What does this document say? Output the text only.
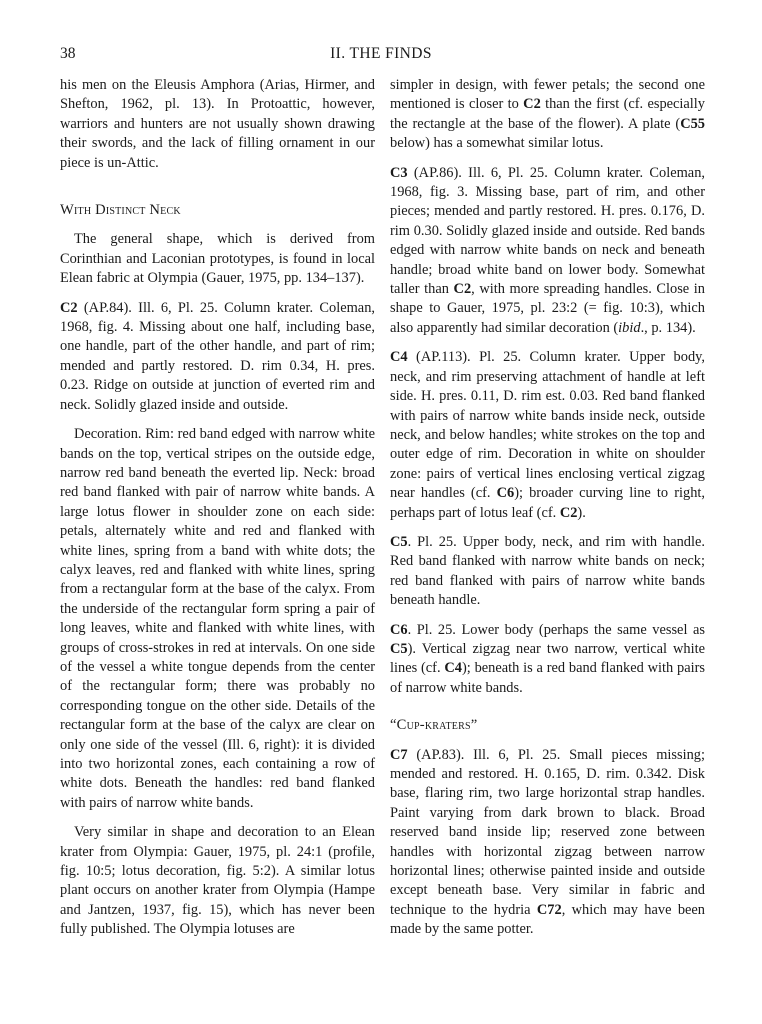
38	II. THE FINDS

his men on the Eleusis Amphora (Arias, Hirmer, and Shefton, 1962, pl. 13). In Protoattic, however, warriors and hunters are not usually shown drawing their swords, and the lack of filling ornament in our piece is un-Attic.

With Distinct Neck

The general shape, which is derived from Corinthian and Laconian prototypes, is found in local Elean fabric at Olympia (Gauer, 1975, pp. 134–137).

C2 (AP.84). Ill. 6, Pl. 25. Column krater. Coleman, 1968, fig. 4. Missing about one half, including base, one handle, part of the other handle, and part of rim; mended and partly restored. D. rim 0.34, H. pres. 0.23. Ridge on outside at junction of everted rim and neck. Solidly glazed inside and outside.

Decoration. Rim: red band edged with narrow white bands on the top, vertical stripes on the outside edge, narrow red band beneath the everted lip. Neck: broad red band flanked with pair of narrow white bands. A large lotus flower in shoulder zone on each side: petals, alternately white and red and flanked with white lines, spring from a band with white dots; the calyx leaves, red and flanked with white lines, spring from a rectangular form at the base of the calyx. From the underside of the rectangular form spring a pair of long leaves, white and flanked with white lines, with groups of cross-strokes in red at intervals. On one side of the vessel a white tongue depends from the center of the rectangular form; there was probably no corresponding tongue on the other side. Details of the rectangular form at the base of the calyx are clear on only one side of the vessel (Ill. 6, right): it is divided into two horizontal zones, each containing a row of white dots. Beneath the handles: red band flanked with pairs of narrow white bands.

Very similar in shape and decoration to an Elean krater from Olympia: Gauer, 1975, pl. 24:1 (profile, fig. 10:5; lotus decoration, fig. 5:2). A similar lotus plant occurs on another krater from Olympia (Hampe and Jantzen, 1937, fig. 15), which has never been fully published. The Olympia lotuses are

simpler in design, with fewer petals; the second one mentioned is closer to C2 than the first (cf. especially the rectangle at the base of the flower). A plate (C55 below) has a somewhat similar lotus.

C3 (AP.86). Ill. 6, Pl. 25. Column krater. Coleman, 1968, fig. 3. Missing base, part of rim, and other pieces; mended and partly restored. H. pres. 0.176, D. rim 0.30. Solidly glazed inside and outside. Red bands edged with narrow white bands on neck and beneath handle; broad white band on lower body. Somewhat taller than C2, with more spreading handles. Close in shape to Gauer, 1975, pl. 23:2 (= fig. 10:3), which also apparently had similar decoration (ibid., p. 134).

C4 (AP.113). Pl. 25. Column krater. Upper body, neck, and rim preserving attachment of handle at left side. H. pres. 0.11, D. rim est. 0.03. Red band flanked with pairs of narrow white bands inside neck, outside neck, and below handles; white strokes on the top and outer edge of rim. Decoration in white on shoulder zone: pairs of vertical lines enclosing vertical zigzag near handles (cf. C6); broader curving line to right, perhaps part of lotus leaf (cf. C2).

C5. Pl. 25. Upper body, neck, and rim with handle. Red band flanked with narrow white bands on neck; red band flanked with pairs of narrow white bands beneath handle.

C6. Pl. 25. Lower body (perhaps the same vessel as C5). Vertical zigzag near two narrow, vertical white lines (cf. C4); beneath is a red band flanked with pairs of narrow white bands.

“Cup-kraters”

C7 (AP.83). Ill. 6, Pl. 25. Small pieces missing; mended and restored. H. 0.165, D. rim. 0.342. Disk base, flaring rim, two large horizontal strap handles. Paint varying from dark brown to black. Broad reserved band inside lip; reserved zone between handles with horizontal zigzag between narrow horizontal lines; otherwise painted inside and outside except beneath base. Very similar in fabric and technique to the hydria C72, which may have been made by the same potter.
